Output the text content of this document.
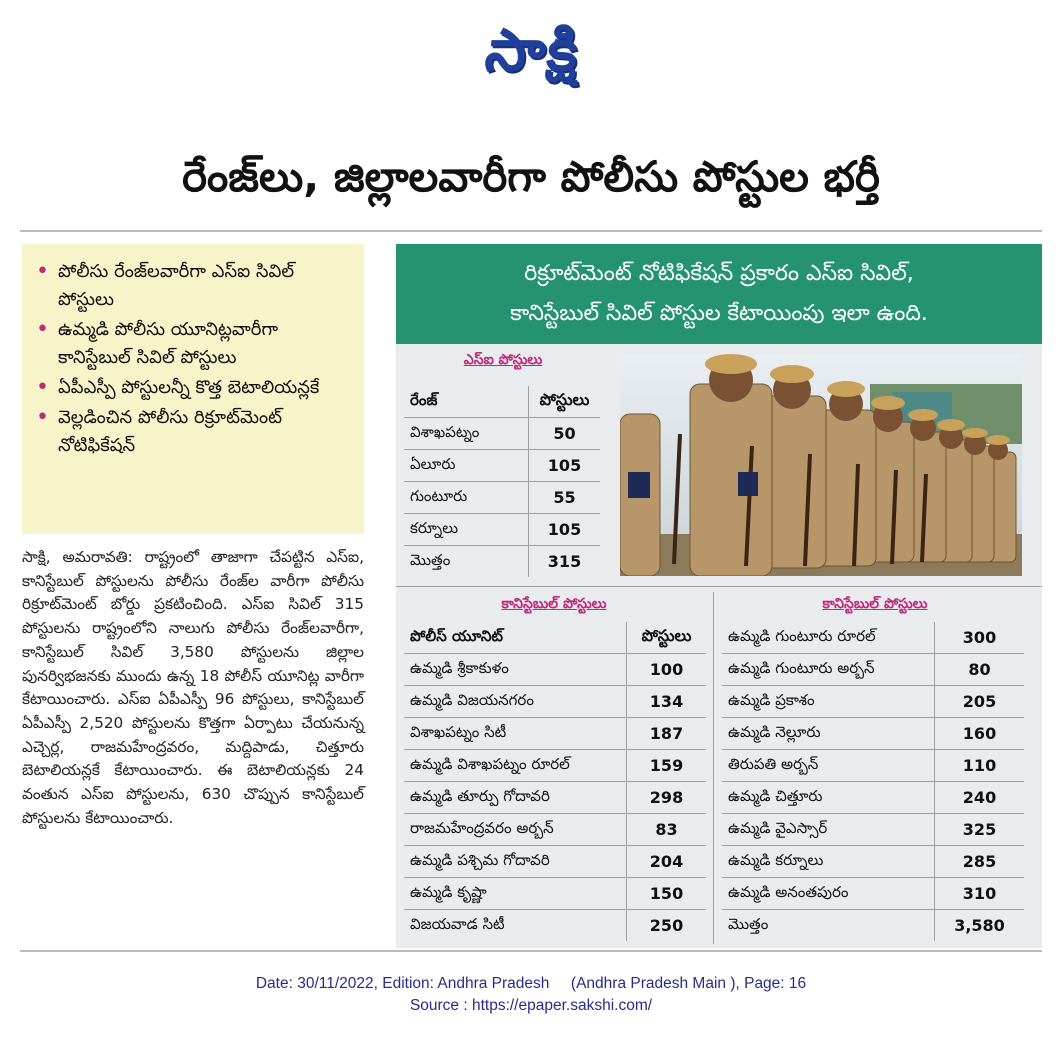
సాక్షి
రేంజ్‌లు, జిల్లాలవారీగా పోలీసు పోస్టుల భర్తీ
• పోలీసు రేంజ్‌లవారీగా ఎస్‌ఐ సివిల్‌ పోస్టులు
• ఉమ్మడి పోలీసు యూనిట్లవారీగా కానిస్టేబుల్‌ సివిల్‌ పోస్టులు
• ఏపీఎస్పీ పోస్టులన్నీ కొత్త బెటాలియన్లకే
• వెల్లడించిన పోలీసు రిక్రూట్‌మెంట్‌ నోటిఫికేషన్‌
సాక్షి, అమరావతి: రాష్ట్రంలో తాజాగా చేపట్టిన ఎస్‌ఐ, కానిస్టేబుల్‌ పోస్టులను పోలీసు రేంజ్‌ల వారీగా పోలీసు రిక్రూట్‌మెంట్‌ బోర్డు ప్రకటించింది. ఎస్‌ఐ సివిల్‌ 315 పోస్టులను రాష్ట్రంలోని నాలుగు పోలీసు రేంజ్‌లవారీగా, కానిస్టేబుల్‌ సివిల్‌ 3,580 పోస్టులను జిల్లాల పునర్విభజనకు ముందు ఉన్న 18 పోలీస్‌ యూనిట్ల వారీగా కేటాయించారు. ఎస్‌ఐ ఏపీఎస్పీ 96 పోస్టులు, కానిస్టేబుల్‌ ఏపీఎస్పీ 2,520 పోస్టులను కొత్తగా ఏర్పాటు చేయనున్న ఎచ్చెర్ల, రాజమహేంద్రవరం, మద్దిపాడు, చిత్తూరు బెటాలియన్లకే కేటాయించారు. ఈ బెటాలియన్లకు 24 వంతున ఎస్‌ఐ పోస్టులను, 630 చొప్పున కానిస్టేబుల్‌ పోస్టులను కేటాయించారు.
రిక్రూట్‌మెంట్‌ నోటిఫికేషన్‌ ప్రకారం ఎస్‌ఐ సివిల్‌,
కానిస్టేబుల్‌ సివిల్‌ పోస్టుల కేటాయింపు ఇలా ఉంది.
ఎస్‌ఐ పోస్టులు
రేంజ్‌	పోస్టులు
విశాఖపట్నం	50
ఏలూరు	105
గుంటూరు	55
కర్నూలు	105
మొత్తం	315
కానిస్టేబుల్‌ పోస్టులు
పోలీస్‌ యూనిట్‌	పోస్టులు
ఉమ్మడి శ్రీకాకుళం	100
ఉమ్మడి విజయనగరం	134
విశాఖపట్నం సిటీ	187
ఉమ్మడి విశాఖపట్నం రూరల్‌	159
ఉమ్మడి తూర్పు గోదావరి	298
రాజమహేంద్రవరం అర్బన్‌	83
ఉమ్మడి పశ్చిమ గోదావరి	204
ఉమ్మడి కృష్ణా	150
విజయవాడ సిటీ	250
కానిస్టేబుల్‌ పోస్టులు
ఉమ్మడి గుంటూరు రూరల్‌	300
ఉమ్మడి గుంటూరు అర్బన్‌	80
ఉమ్మడి ప్రకాశం	205
ఉమ్మడి నెల్లూరు	160
తిరుపతి అర్బన్‌	110
ఉమ్మడి చిత్తూరు	240
ఉమ్మడి వైఎస్సార్‌	325
ఉమ్మడి కర్నూలు	285
ఉమ్మడి అనంతపురం	310
మొత్తం	3,580
Date: 30/11/2022, Edition: Andhra Pradesh     (Andhra Pradesh Main ), Page: 16
Source : https://epaper.sakshi.com/
